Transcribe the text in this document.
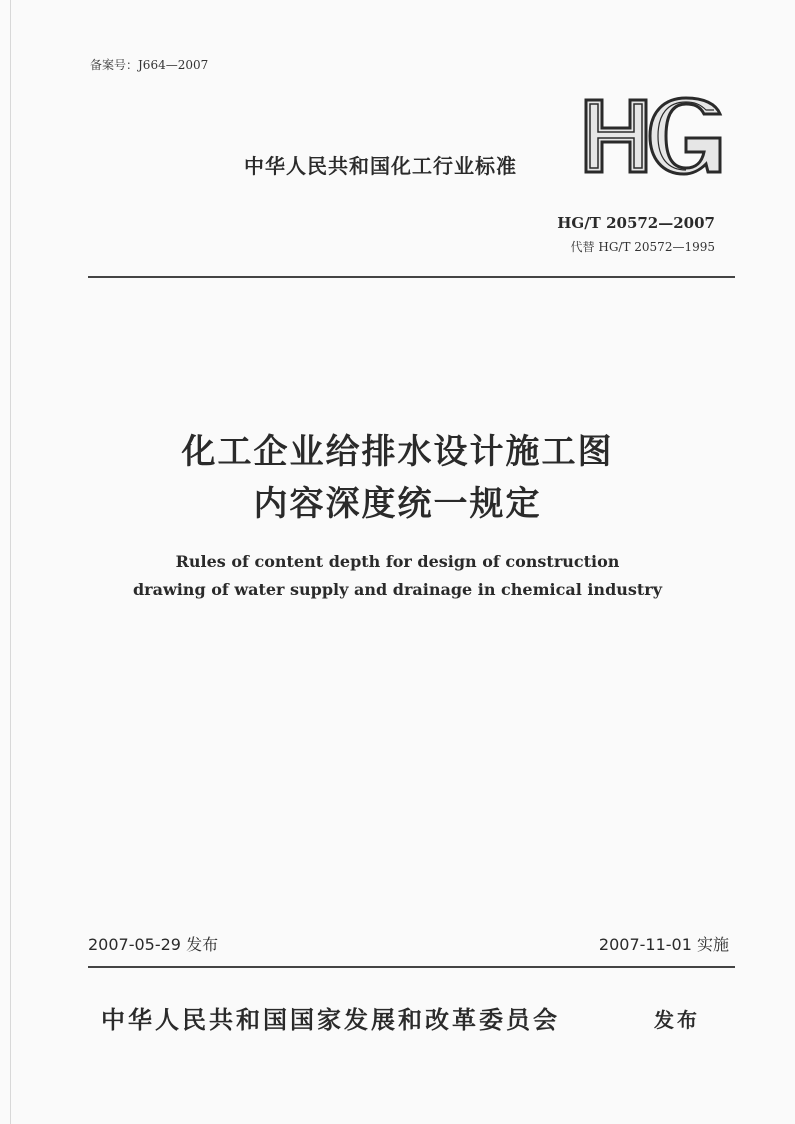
备案号：J664—2007
中华人民共和国化工行业标准
HG/T 20572—2007
代替 HG/T 20572—1995
化工企业给排水设计施工图
内容深度统一规定
Rules of content depth for design of construction
drawing of water supply and drainage in chemical industry
2007-05-29 发布	2007-11-01 实施
中华人民共和国国家发展和改革委员会	发布
